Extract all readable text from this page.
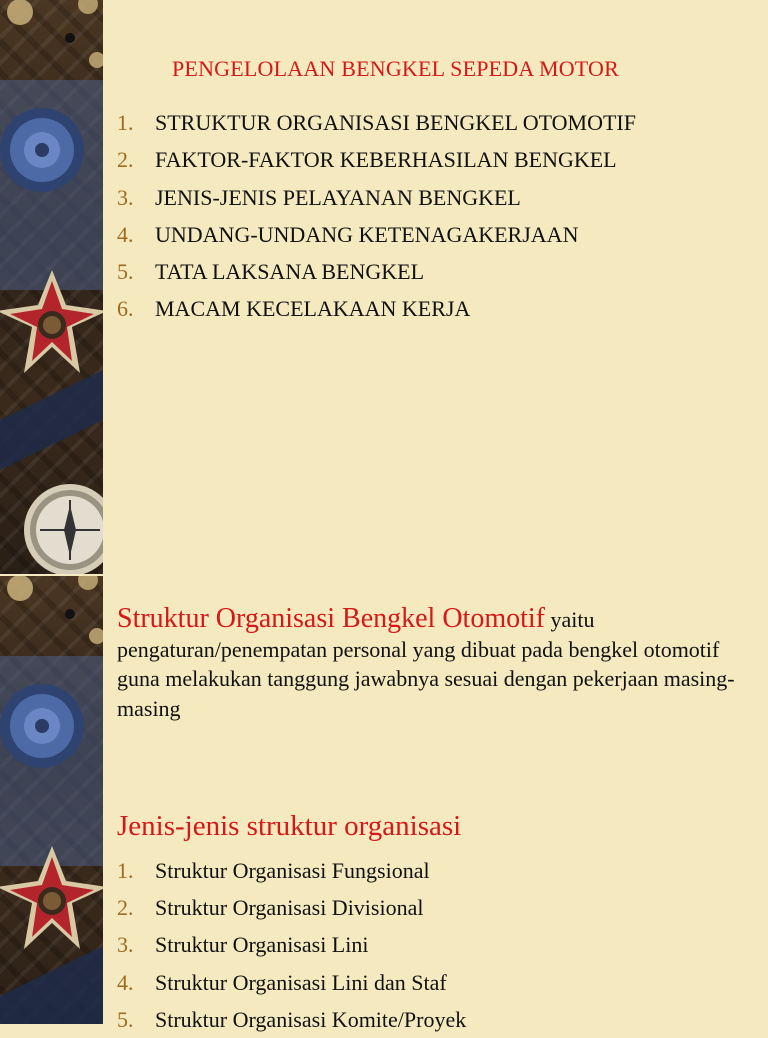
PENGELOLAAN BENGKEL SEPEDA MOTOR
1. STRUKTUR ORGANISASI BENGKEL OTOMOTIF
2. FAKTOR-FAKTOR KEBERHASILAN BENGKEL
3. JENIS-JENIS PELAYANAN BENGKEL
4. UNDANG-UNDANG KETENAGAKERJAAN
5. TATA LAKSANA BENGKEL
6. MACAM KECELAKAAN KERJA
Struktur Organisasi Bengkel Otomotif yaitu pengaturan/penempatan personal yang dibuat pada bengkel otomotif guna melakukan tanggung jawabnya sesuai dengan pekerjaan masing-masing
Jenis-jenis struktur organisasi
1. Struktur Organisasi Fungsional
2. Struktur Organisasi Divisional
3. Struktur Organisasi Lini
4. Struktur Organisasi Lini dan Staf
5. Struktur Organisasi Komite/Proyek
